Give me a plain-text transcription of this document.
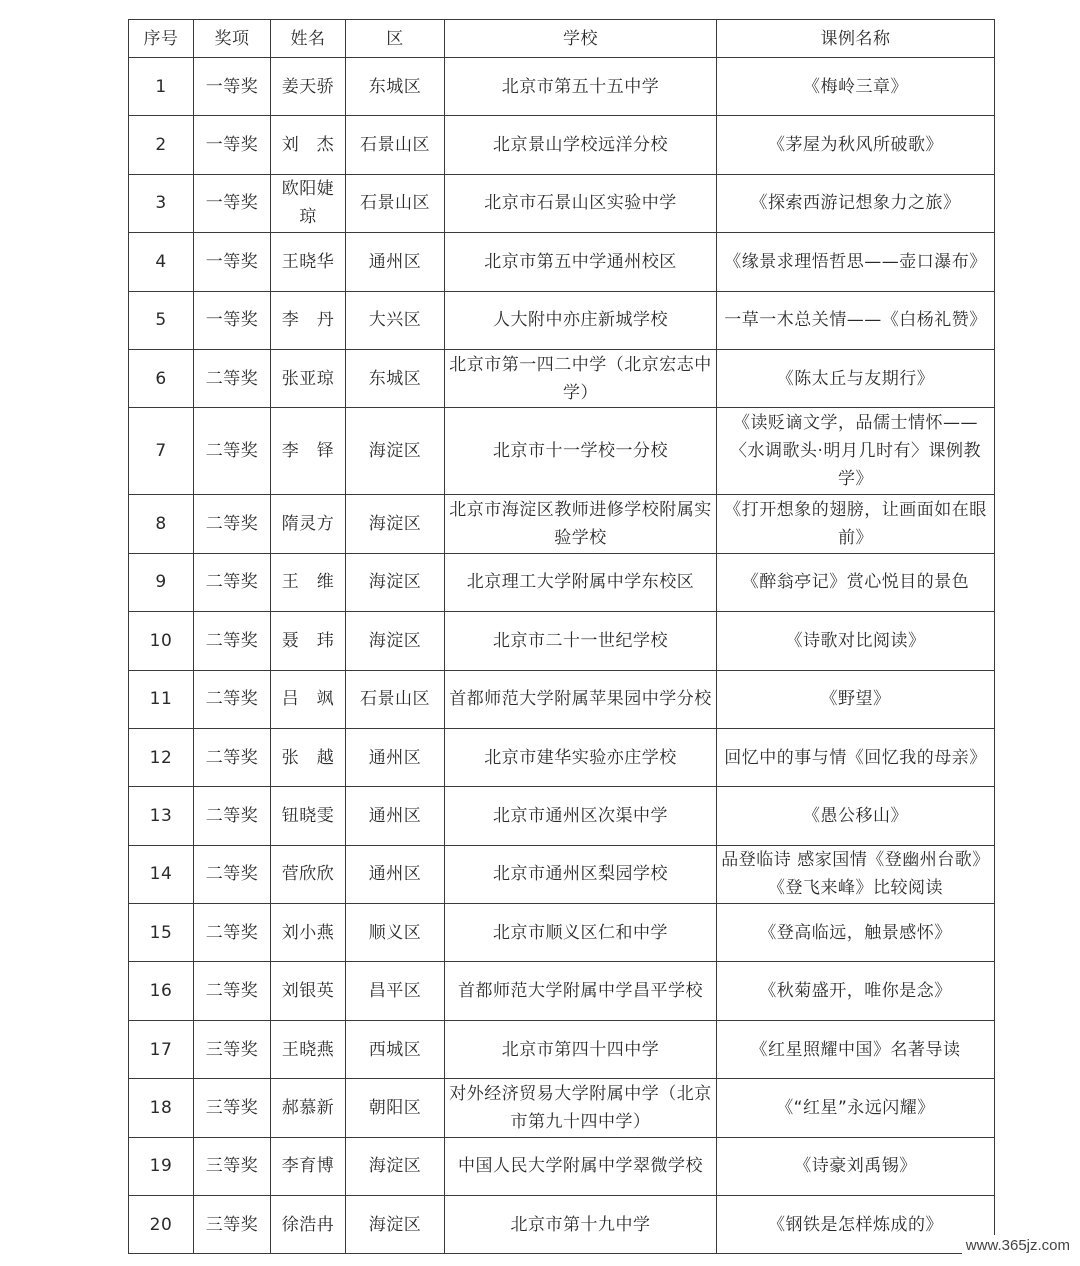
序号	奖项	姓名	区	学校	课例名称
1	一等奖	姜天骄	东城区	北京市第五十五中学	《梅岭三章》
2	一等奖	刘　杰	石景山区	北京景山学校远洋分校	《茅屋为秋风所破歌》
3	一等奖	欧阳婕琼	石景山区	北京市石景山区实验中学	《探索西游记想象力之旅》
4	一等奖	王晓华	通州区	北京市第五中学通州校区	《缘景求理悟哲思——壶口瀑布》
5	一等奖	李　丹	大兴区	人大附中亦庄新城学校	一草一木总关情——《白杨礼赞》
6	二等奖	张亚琼	东城区	北京市第一四二中学（北京宏志中学）	《陈太丘与友期行》
7	二等奖	李　铎	海淀区	北京市十一学校一分校	《读贬谪文学，品儒士情怀——〈水调歌头·明月几时有〉课例教学》
8	二等奖	隋灵方	海淀区	北京市海淀区教师进修学校附属实验学校	《打开想象的翅膀，让画面如在眼前》
9	二等奖	王　维	海淀区	北京理工大学附属中学东校区	《醉翁亭记》赏心悦目的景色
10	二等奖	聂　玮	海淀区	北京市二十一世纪学校	《诗歌对比阅读》
11	二等奖	吕　飒	石景山区	首都师范大学附属苹果园中学分校	《野望》
12	二等奖	张　越	通州区	北京市建华实验亦庄学校	回忆中的事与情《回忆我的母亲》
13	二等奖	钮晓雯	通州区	北京市通州区次渠中学	《愚公移山》
14	二等奖	菅欣欣	通州区	北京市通州区梨园学校	品登临诗 感家国情《登幽州台歌》《登飞来峰》比较阅读
15	二等奖	刘小燕	顺义区	北京市顺义区仁和中学	《登高临远，触景感怀》
16	二等奖	刘银英	昌平区	首都师范大学附属中学昌平学校	《秋菊盛开，唯你是念》
17	三等奖	王晓燕	西城区	北京市第四十四中学	《红星照耀中国》名著导读
18	三等奖	郝慕新	朝阳区	对外经济贸易大学附属中学（北京市第九十四中学）	《“红星”永远闪耀》
19	三等奖	李育博	海淀区	中国人民大学附属中学翠微学校	《诗豪刘禹锡》
20	三等奖	徐浩冉	海淀区	北京市第十九中学	《钢铁是怎样炼成的》
www.365jz.com
